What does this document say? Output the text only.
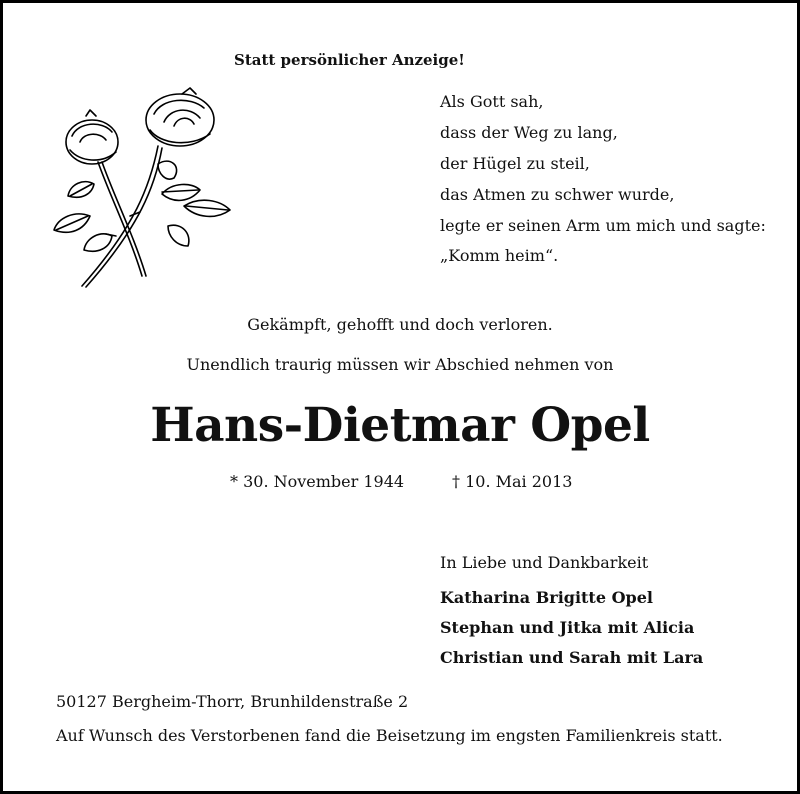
Statt persönlicher Anzeige!
Als Gott sah,
dass der Weg zu lang,
der Hügel zu steil,
das Atmen zu schwer wurde,
legte er seinen Arm um mich und sagte:
„Komm heim“.
Gekämpft, gehofft und doch verloren.
Unendlich traurig müssen wir Abschied nehmen von
Hans-Dietmar Opel
* 30. November 1944	† 10. Mai 2013
In Liebe und Dankbarkeit
Katharina Brigitte Opel
Stephan und Jitka mit Alicia
Christian und Sarah mit Lara
50127 Bergheim-Thorr, Brunhildenstraße 2
Auf Wunsch des Verstorbenen fand die Beisetzung im engsten Familienkreis statt.
